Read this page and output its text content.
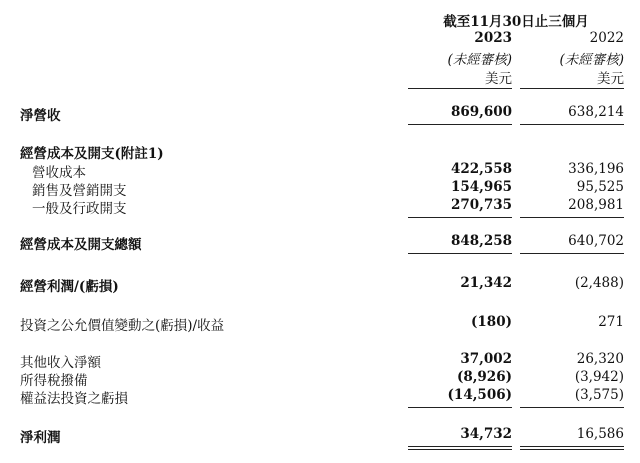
截至11月30日止三個月
2023	2022
(未經審核)	(未經審核)
美元	美元
淨營收	869,600	638,214
經營成本及開支(附註1)
營收成本	422,558	336,196
銷售及營銷開支	154,965	95,525
一般及行政開支	270,735	208,981
經營成本及開支總額	848,258	640,702
經營利潤/(虧損)	21,342	(2,488)
投資之公允價值變動之(虧損)/收益	(180)	271
其他收入淨額	37,002	26,320
所得稅撥備	(8,926)	(3,942)
權益法投資之虧損	(14,506)	(3,575)
淨利潤	34,732	16,586
